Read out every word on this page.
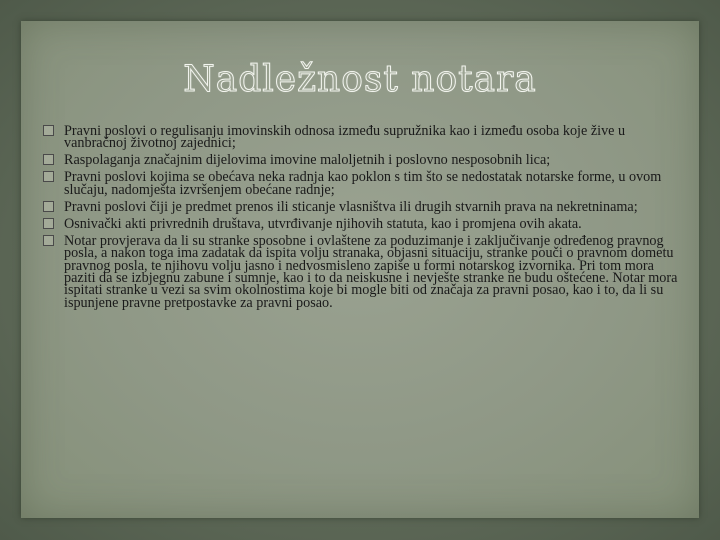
Nadležnost notara
Pravni poslovi o regulisanju imovinskih odnosa između supružnika kao i između osoba koje žive u vanbračnoj životnoj zajednici;
Raspolaganja značajnim dijelovima imovine maloljetnih i poslovno nesposobnih lica;
Pravni poslovi kojima se obećava neka radnja kao poklon s tim što se nedostatak notarske forme, u ovom slučaju, nadomješta izvršenjem obećane radnje;
Pravni poslovi čiji je predmet prenos ili sticanje vlasništva ili drugih stvarnih prava na nekretninama;
Osnivački akti privrednih društava, utvrđivanje njihovih statuta, kao i promjena ovih akata.
Notar provjerava da li su stranke sposobne i ovlaštene za poduzimanje i zaključivanje određenog pravnog posla, a nakon toga ima zadatak da ispita volju stranaka, objasni situaciju, stranke pouči o pravnom dometu pravnog posla, te njihovu volju jasno i nedvosmisleno zapiše u formi notarskog izvornika. Pri tom mora paziti da se izbjegnu zabune i sumnje, kao i to da neiskusne i nevješte stranke ne budu oštećene. Notar mora ispitati stranke u vezi sa svim okolnostima koje bi mogle biti od značaja za pravni posao, kao i to, da li su ispunjene pravne pretpostavke za pravni posao.
